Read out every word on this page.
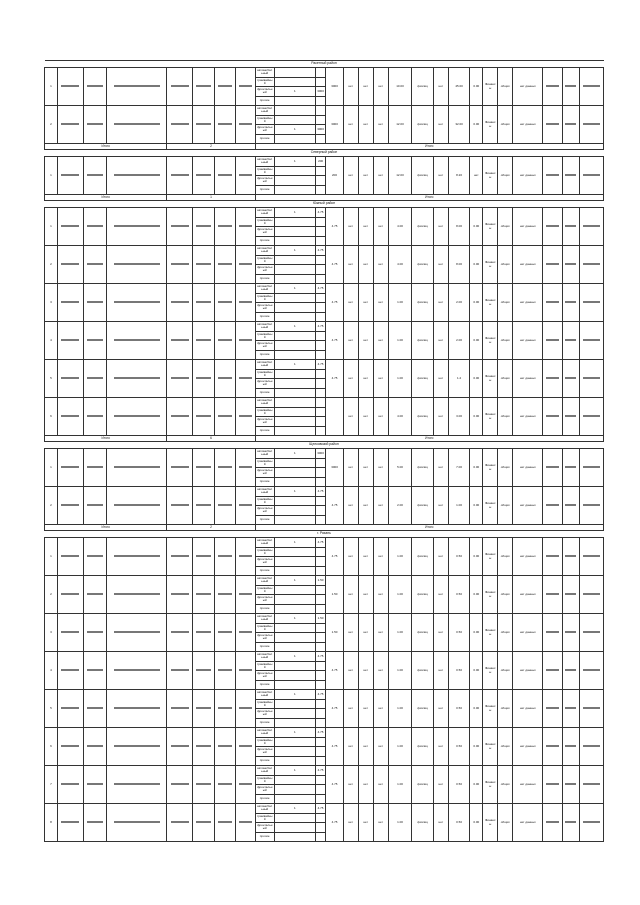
Ракетный район																									
1								автомобильный			3000	нет	нет	нет	10.00	физлиц	нет	45.00	0.00	Финансы	общих	нет данных			
								трамвайный																	
								фронтальный	1	3000															
								прочие																	
2								автомобильный			3000	нет	нет	нет	12.00	физлиц	нет	32.00	0.00	Финансы	общих	нет данных			
								трамвайный																	
								фронтальный	1	3000															
								прочие																	
Итого				2				Итого																	
Северный район																									
1								автомобильный	1	200	200	нет	нет	нет	12.00	физлиц	нет	8.20	нет	Финансы	общих	нет данных			
								трамвайный																	
								фронтальный																	
								прочие																	
Итого				1				Итого																	
Южный район																									
1								автомобильный	1	4.75	4.75	нет	нет	нет	4.00	физлиц	нет	8.00	0.00	Финансы	общих	нет данных			
								трамвайный																	
								фронтальный																	
								прочие																	
2								автомобильный	1	4.75	4.75	нет	нет	нет	4.00	физлиц	нет	8.00	0.00	Финансы	общих	нет данных			
								трамвайный																	
								фронтальный																	
								прочие																	
3								автомобильный	1	4.75	4.75	нет	нет	нет	1.00	физлиц	нет	2.00	0.00	Финансы	общих	нет данных			
								трамвайный																	
								фронтальный																	
								прочие																	
4								автомобильный	1	4.75	4.75	нет	нет	нет	1.00	физлиц	нет	2.00	0.00	Финансы	общих	нет данных			
								трамвайный																	
								фронтальный																	
								прочие																	
5								автомобильный	1	4.75	4.75	нет	нет	нет	1.00	физлиц	нет	1.2	0.00	Финансы	общих	нет данных			
								трамвайный																	
								фронтальный																	
								прочие																	
6								автомобильный				нет	нет	нет	4.00	физлиц	нет	3.00	0.00	Финансы	общих	нет данных			
								трамвайный																	
								фронтальный																	
								прочие																	
Итого				6				Итого																	
Щелковский район																									
1								автомобильный	1	3000	3000	нет	нет	нет	5.00	физлиц	нет	7.00	0.00	Финансы	общих	нет данных			
								трамвайный																	
								фронтальный																	
								прочие																	
2								автомобильный	1	4.75	4.75	нет	нет	нет	2.00	физлиц	нет	1.00	0.00	Финансы	общих	нет данных			
								трамвайный																	
								фронтальный																	
								прочие																	
Итого				2				Итого																	
г. Рязань																									
1								автомобильный	1	4.75	4.75	нет	нет	нет	1.00	физлиц	нет	0.50	0.00	Финансы	общих	нет данных			
								трамвайный																	
								фронтальный																	
								прочие																	
2								автомобильный	1	1.50	1.50	нет	нет	нет	1.00	физлиц	нет	0.50	0.00	Финансы	общих	нет данных			
								трамвайный																	
								фронтальный																	
								прочие																	
3								автомобильный	1	1.50	1.50	нет	нет	нет	1.00	физлиц	нет	0.50	0.00	Финансы	общих	нет данных			
								трамвайный																	
								фронтальный																	
								прочие																	
4								автомобильный	1	4.75	4.75	нет	нет	нет	1.00	физлиц	нет	0.50	0.00	Финансы	общих	нет данных			
								трамвайный																	
								фронтальный																	
								прочие																	
5								автомобильный	1	4.75	4.75	нет	нет	нет	1.00	физлиц	нет	0.50	0.00	Финансы	общих	нет данных			
								трамвайный																	
								фронтальный																	
								прочие																	
6								автомобильный	1	4.75	4.75	нет	нет	нет	1.00	физлиц	нет	0.50	0.00	Финансы	общих	нет данных			
								трамвайный																	
								фронтальный																	
								прочие																	
7								автомобильный	1	4.75	4.75	нет	нет	нет	1.00	физлиц	нет	0.50	0.00	Финансы	общих	нет данных			
								трамвайный																	
								фронтальный																	
								прочие																	
8								автомобильный	1	4.75	4.75	нет	нет	нет	1.00	физлиц	нет	0.50	0.00	Финансы	общих	нет данных			
								трамвайный																	
								фронтальный																	
								прочие																	
